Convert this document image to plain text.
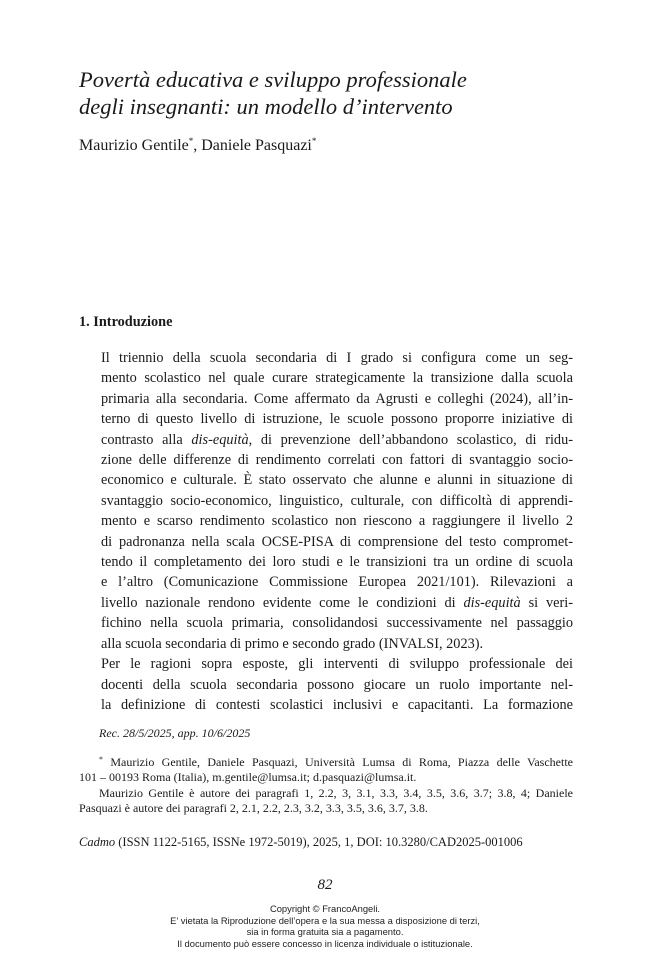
Povertà educativa e sviluppo professionale
degli insegnanti: un modello d’intervento
Maurizio Gentile*, Daniele Pasquazi*
1. Introduzione

Il triennio della scuola secondaria di I grado si configura come un seg-
mento scolastico nel quale curare strategicamente la transizione dalla scuola
primaria alla secondaria. Come affermato da Agrusti e colleghi (2024), all’in-
terno di questo livello di istruzione, le scuole possono proporre iniziative di
contrasto alla dis-equità, di prevenzione dell’abbandono scolastico, di ridu-
zione delle differenze di rendimento correlati con fattori di svantaggio socio-
economico e culturale. È stato osservato che alunne e alunni in situazione di
svantaggio socio-economico, linguistico, culturale, con difficoltà di apprendi-
mento e scarso rendimento scolastico non riescono a raggiungere il livello 2
di padronanza nella scala OCSE-PISA di comprensione del testo compromet-
tendo il completamento dei loro studi e le transizioni tra un ordine di scuola
e l’altro (Comunicazione Commissione Europea 2021/101). Rilevazioni a
livello nazionale rendono evidente come le condizioni di dis-equità si veri-
fichino nella scuola primaria, consolidandosi successivamente nel passaggio
alla scuola secondaria di primo e secondo grado (INVALSI, 2023).

Per le ragioni sopra esposte, gli interventi di sviluppo professionale dei
docenti della scuola secondaria possono giocare un ruolo importante nel-
la definizione di contesti scolastici inclusivi e capacitanti. La formazione

Rec. 28/5/2025, app. 10/6/2025
* Maurizio Gentile, Daniele Pasquazi, Università Lumsa di Roma, Piazza delle Vaschette
101 – 00193 Roma (Italia), m.gentile@lumsa.it; d.pasquazi@lumsa.it.
Maurizio Gentile è autore dei paragrafi 1, 2.2, 3, 3.1, 3.3, 3.4, 3.5, 3.6, 3.7; 3.8, 4; Daniele
Pasquazi è autore dei paragrafi 2, 2.1, 2.2, 2.3, 3.2, 3.3, 3.5, 3.6, 3.7, 3.8.
Cadmo (ISSN 1122-5165, ISSNe 1972-5019), 2025, 1, DOI: 10.3280/CAD2025-001006
82
Copyright © FrancoAngeli.
E’ vietata la Riproduzione dell’opera e la sua messa a disposizione di terzi,
sia in forma gratuita sia a pagamento.
Il documento può essere concesso in licenza individuale o istituzionale.
